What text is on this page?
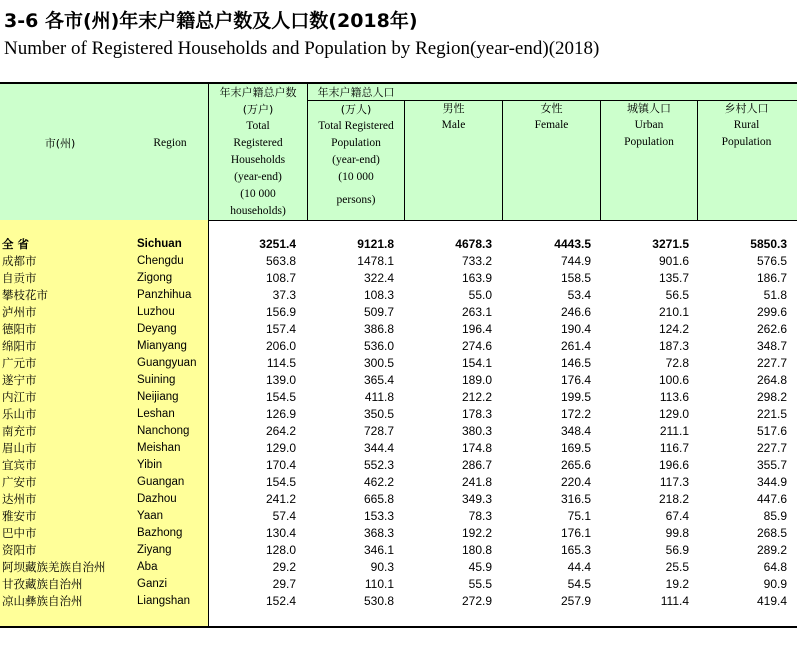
3-6 各市(州)年末户籍总户数及人口数(2018年)
Number of Registered Households and Population by Region(year-end)(2018)
市(州)	Region
年末户籍总户数
(万户)
Total
Registered
Households
(year-end)
(10 000
households)
年末户籍总人口
(万人)
Total Registered
Population
(year-end)
(10 000
persons)
男性
Male
女性
Female
城镇人口
Urban
Population
乡村人口
Rural
Population
全 省	Sichuan	3251.4	9121.8	4678.3	4443.5	3271.5	5850.3
成都市	Chengdu	563.8	1478.1	733.2	744.9	901.6	576.5
自贡市	Zigong	108.7	322.4	163.9	158.5	135.7	186.7
攀枝花市	Panzhihua	37.3	108.3	55.0	53.4	56.5	51.8
泸州市	Luzhou	156.9	509.7	263.1	246.6	210.1	299.6
德阳市	Deyang	157.4	386.8	196.4	190.4	124.2	262.6
绵阳市	Mianyang	206.0	536.0	274.6	261.4	187.3	348.7
广元市	Guangyuan	114.5	300.5	154.1	146.5	72.8	227.7
遂宁市	Suining	139.0	365.4	189.0	176.4	100.6	264.8
内江市	Neijiang	154.5	411.8	212.2	199.5	113.6	298.2
乐山市	Leshan	126.9	350.5	178.3	172.2	129.0	221.5
南充市	Nanchong	264.2	728.7	380.3	348.4	211.1	517.6
眉山市	Meishan	129.0	344.4	174.8	169.5	116.7	227.7
宜宾市	Yibin	170.4	552.3	286.7	265.6	196.6	355.7
广安市	Guangan	154.5	462.2	241.8	220.4	117.3	344.9
达州市	Dazhou	241.2	665.8	349.3	316.5	218.2	447.6
雅安市	Yaan	57.4	153.3	78.3	75.1	67.4	85.9
巴中市	Bazhong	130.4	368.3	192.2	176.1	99.8	268.5
资阳市	Ziyang	128.0	346.1	180.8	165.3	56.9	289.2
阿坝藏族羌族自治州	Aba	29.2	90.3	45.9	44.4	25.5	64.8
甘孜藏族自治州	Ganzi	29.7	110.1	55.5	54.5	19.2	90.9
凉山彝族自治州	Liangshan	152.4	530.8	272.9	257.9	111.4	419.4
